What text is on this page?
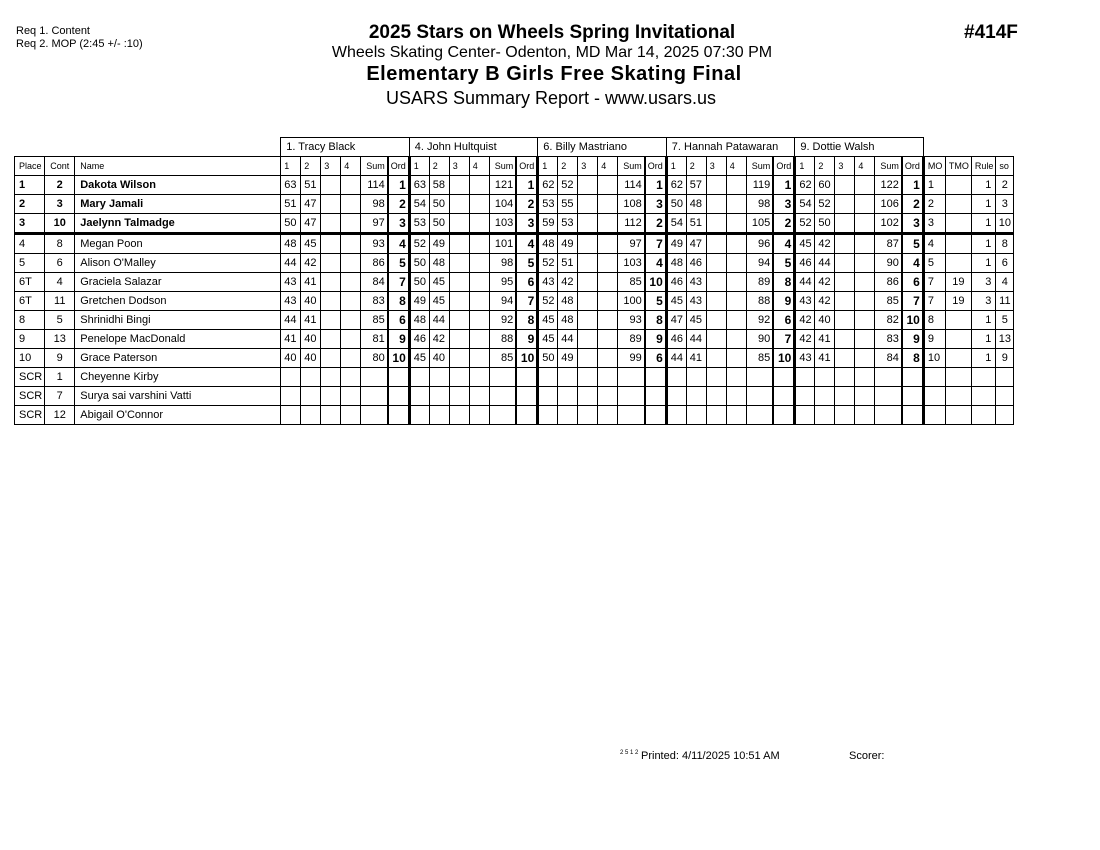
Req 1. Content
Req 2. MOP (2:45 +/- :10)
2025 Stars on Wheels Spring Invitational
Wheels Skating Center- Odenton, MD Mar 14, 2025 07:30 PM
Elementary B Girls Free Skating Final
USARS Summary Report - www.usars.us
#414F
			1. Tracy Black						4. John Hultquist						6. Billy Mastriano						7. Hannah Patawaran						9. Dottie Walsh									
Place	Cont	Name	1	2	3	4	Sum	Ord	1	2	3	4	Sum	Ord	1	2	3	4	Sum	Ord	1	2	3	4	Sum	Ord	1	2	3	4	Sum	Ord	MO	TMO	Rule	so
1	2	Dakota Wilson	63	51			114	1	63	58			121	1	62	52			114	1	62	57			119	1	62	60			122	1	1		1	2
2	3	Mary Jamali	51	47			98	2	54	50			104	2	53	55			108	3	50	48			98	3	54	52			106	2	2		1	3
3	10	Jaelynn Talmadge	50	47			97	3	53	50			103	3	59	53			112	2	54	51			105	2	52	50			102	3	3		1	10
4	8	Megan Poon	48	45			93	4	52	49			101	4	48	49			97	7	49	47			96	4	45	42			87	5	4		1	8
5	6	Alison O'Malley	44	42			86	5	50	48			98	5	52	51			103	4	48	46			94	5	46	44			90	4	5		1	6
6T	4	Graciela Salazar	43	41			84	7	50	45			95	6	43	42			85	10	46	43			89	8	44	42			86	6	7	19	3	4
6T	11	Gretchen Dodson	43	40			83	8	49	45			94	7	52	48			100	5	45	43			88	9	43	42			85	7	7	19	3	11
8	5	Shrinidhi Bingi	44	41			85	6	48	44			92	8	45	48			93	8	47	45			92	6	42	40			82	10	8		1	5
9	13	Penelope MacDonald	41	40			81	9	46	42			88	9	45	44			89	9	46	44			90	7	42	41			83	9	9		1	13
10	9	Grace Paterson	40	40			80	10	45	40			85	10	50	49			99	6	44	41			85	10	43	41			84	8	10		1	9
SCR	1	Cheyenne Kirby																																		
SCR	7	Surya sai varshini Vatti																																		
SCR	12	Abigail O'Connor																																		
2 5 1 2 Printed: 4/11/2025 10:51 AM	Scorer:
